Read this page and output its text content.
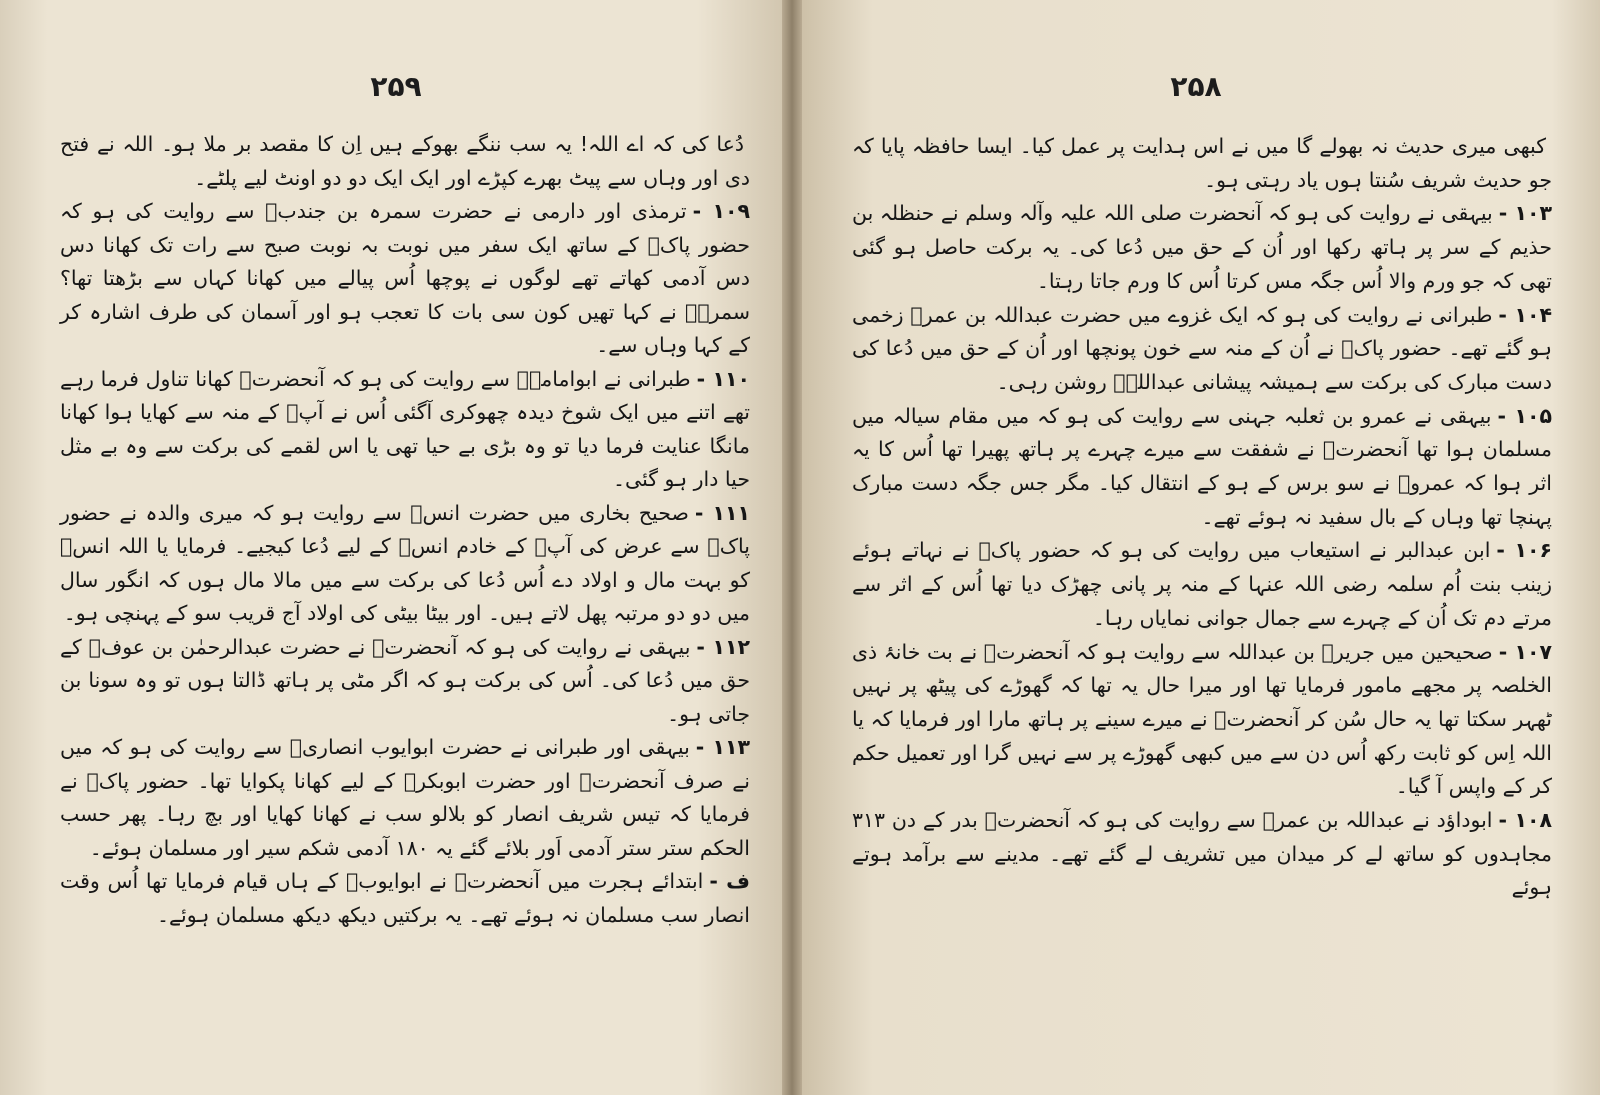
۲۵۹

دُعا کی کہ اے اللہ! یہ سب ننگے بھوکے ہیں اِن کا مقصد بر ملا ہو۔ اللہ نے فتح دی اور وہاں سے پیٹ بھرے کپڑے اور ایک ایک دو دو اونٹ لیے پلٹے۔

۱۰۹ -ترمذی اور دارمی نے حضرت سمرہ بن جندبؓ سے روایت کی ہو کہ حضور پاکؐ کے ساتھ ایک سفر میں نوبت بہ نوبت صبح سے رات تک کھانا دس دس آدمی کھاتے تھے لوگوں نے پوچھا اُس پیالے میں کھانا کہاں سے بڑھتا تھا؟ سمرہؓ نے کہا تھیں کون سی بات کا تعجب ہو اور آسمان کی طرف اشارہ کر کے کہا وہاں سے۔

۱۱۰ -طبرانی نے ابوامامہؓ سے روایت کی ہو کہ آنحضرتؐ کھانا تناول فرما رہے تھے اتنے میں ایک شوخ دیدہ چھوکری آگئی اُس نے آپؐ کے منہ سے کھایا ہوا کھانا مانگا عنایت فرما دیا تو وہ بڑی بے حیا تھی یا اس لقمے کی برکت سے وہ بے مثل حیا دار ہو گئی۔

۱۱۱ -صحیح بخاری میں حضرت انسؓ سے روایت ہو کہ میری والدہ نے حضور پاکؐ سے عرض کی آپؐ کے خادم انسؓ کے لیے دُعا کیجیے۔ فرمایا یا اللہ انسؓ کو بہت مال و اولاد دے اُس دُعا کی برکت سے میں مالا مال ہوں کہ انگور سال میں دو دو مرتبہ پھل لاتے ہیں۔ اور بیٹا بیٹی کی اولاد آج قریب سو کے پہنچی ہو۔

۱۱۲ -بیہقی نے روایت کی ہو کہ آنحضرتؐ نے حضرت عبدالرحمٰن بن عوفؓ کے حق میں دُعا کی۔ اُس کی برکت ہو کہ اگر مٹی پر ہاتھ ڈالتا ہوں تو وہ سونا بن جاتی ہو۔

۱۱۳ -بیہقی اور طبرانی نے حضرت ابوایوب انصاریؓ سے روایت کی ہو کہ میں نے صرف آنحضرتؐ اور حضرت ابوبکرؓ کے لیے کھانا پکوایا تھا۔ حضور پاکؐ نے فرمایا کہ تیس شریف انصار کو بلالو سب نے کھانا کھایا اور بچ رہا۔ پھر حسب الحکم ستر ستر آدمی اَور بلائے گئے یہ ۱۸۰ آدمی شکم سیر اور مسلمان ہوئے۔

ف -ابتدائے ہجرت میں آنحضرتؐ نے ابوایوبؓ کے ہاں قیام فرمایا تھا اُس وقت انصار سب مسلمان نہ ہوئے تھے۔ یہ برکتیں دیکھ دیکھ مسلمان ہوئے۔

۲۵۸

کبھی میری حدیث نہ بھولے گا میں نے اس ہدایت پر عمل کیا۔ ایسا حافظہ پایا کہ جو حدیث شریف سُنتا ہوں یاد رہتی ہو۔

۱۰۳ -بیہقی نے روایت کی ہو کہ آنحضرت صلی اللہ علیہ وآلہ وسلم نے حنظلہ بن حذیم کے سر پر ہاتھ رکھا اور اُن کے حق میں دُعا کی۔ یہ برکت حاصل ہو گئی تھی کہ جو ورم والا اُس جگہ مس کرتا اُس کا ورم جاتا رہتا۔

۱۰۴ -طبرانی نے روایت کی ہو کہ ایک غزوے میں حضرت عبداللہ بن عمرؓ زخمی ہو گئے تھے۔ حضور پاکؐ نے اُن کے منہ سے خون پونچھا اور اُن کے حق میں دُعا کی دست مبارک کی برکت سے ہمیشہ پیشانی عبداللہؓ روشن رہی۔

۱۰۵ -بیہقی نے عمرو بن ثعلبہ جہنی سے روایت کی ہو کہ میں مقام سیالہ میں مسلمان ہوا تھا آنحضرتؐ نے شفقت سے میرے چہرے پر ہاتھ پھیرا تھا اُس کا یہ اثر ہوا کہ عمروؓ نے سو برس کے ہو کے انتقال کیا۔ مگر جس جگہ دست مبارک پہنچا تھا وہاں کے بال سفید نہ ہوئے تھے۔

۱۰۶ -ابن عبدالبر نے استیعاب میں روایت کی ہو کہ حضور پاکؐ نے نہاتے ہوئے زینب بنت اُم سلمہ رضی اللہ عنہا کے منہ پر پانی چھڑک دیا تھا اُس کے اثر سے مرتے دم تک اُن کے چہرے سے جمال جوانی نمایاں رہا۔

۱۰۷ -صحیحین میں جریرؓ بن عبداللہ سے روایت ہو کہ آنحضرتؐ نے بت خانۂ ذی الخلصہ پر مجھے مامور فرمایا تھا اور میرا حال یہ تھا کہ گھوڑے کی پیٹھ پر نہیں ٹھہر سکتا تھا یہ حال سُن کر آنحضرتؐ نے میرے سینے پر ہاتھ مارا اور فرمایا کہ یا اللہ اِس کو ثابت رکھ اُس دن سے میں کبھی گھوڑے پر سے نہیں گرا اور تعمیل حکم کر کے واپس آ گیا۔

۱۰۸ -ابوداؤد نے عبداللہ بن عمرؓ سے روایت کی ہو کہ آنحضرتؐ بدر کے دن ۳۱۳ مجاہدوں کو ساتھ لے کر میدان میں تشریف لے گئے تھے۔ مدینے سے برآمد ہوتے ہوئے
